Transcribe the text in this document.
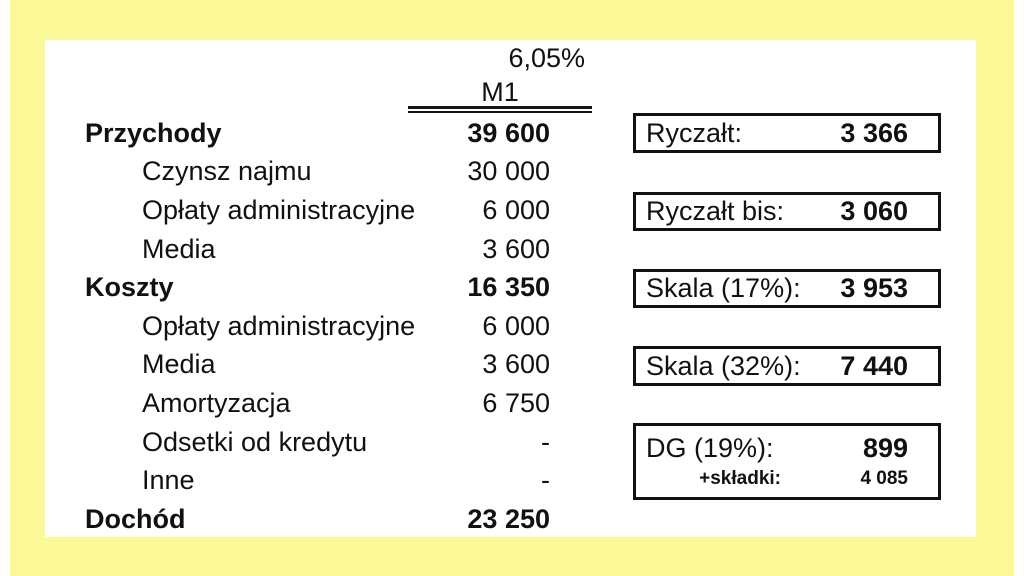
6,05%
M1
Przychody	39 600
Czynsz najmu	30 000
Opłaty administracyjne 6 000
Media	3 600
Koszty	16 350
Opłaty administracyjne 6 000
Media	3 600
Amortyzacja	6 750
Odsetki od kredytu	-
Inne	-
Dochód	23 250
Ryczałt:	3 366
Ryczałt bis: 3 060
Skala (17%): 3 953
Skala (32%): 7 440
DG (19%):	899
+składki:	4 085
